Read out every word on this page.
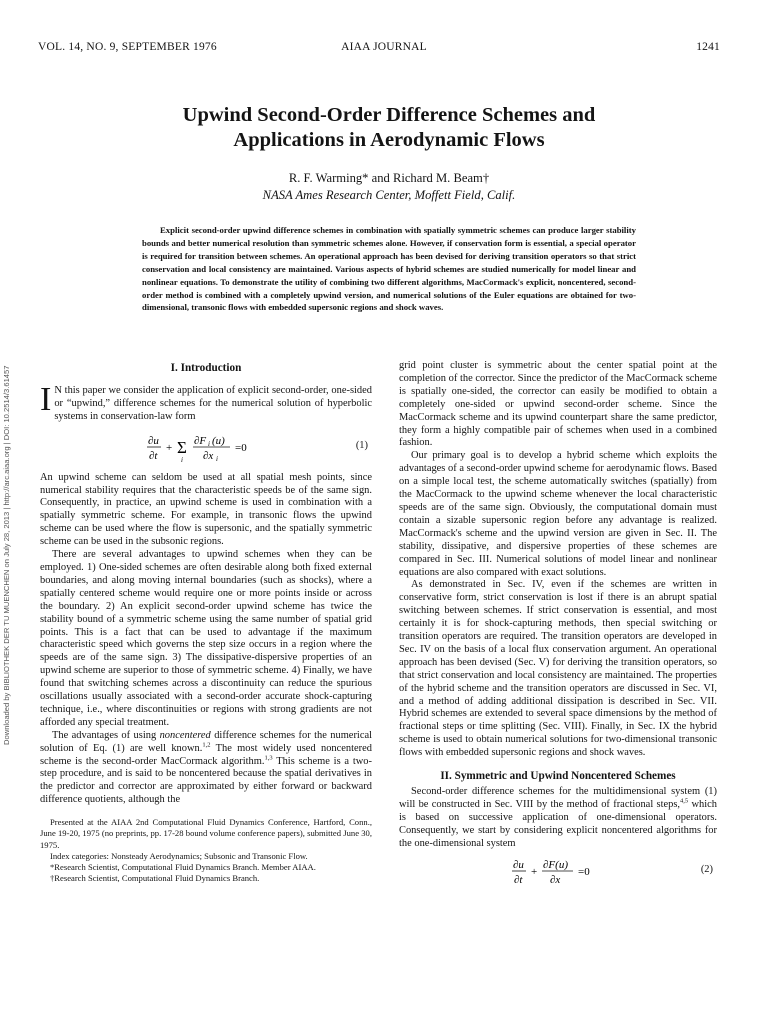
VOL. 14, NO. 9, SEPTEMBER 1976	AIAA JOURNAL	1241
Downloaded by BIBLIOTHEK DER TU MUENCHEN on July 28, 2013 | http://arc.aiaa.org | DOI: 10.2514/3.61457
Upwind Second-Order Difference Schemes and
Applications in Aerodynamic Flows
R. F. Warming* and Richard M. Beam†
NASA Ames Research Center, Moffett Field, Calif.
Explicit second-order upwind difference schemes in combination with spatially symmetric schemes can produce larger stability bounds and better numerical resolution than symmetric schemes alone. However, if conservation form is essential, a special operator is required for transition between schemes. An operational approach has been devised for deriving transition operators so that strict conservation and local consistency are maintained. Various aspects of hybrid schemes are studied numerically for model linear and nonlinear equations. To demonstrate the utility of combining two different algorithms, MacCormack's explicit, noncentered, second-order method is combined with a completely upwind version, and numerical solutions of the Euler equations are obtained for two-dimensional, transonic flows with embedded supersonic regions and shock waves.
I. Introduction

I N this paper we consider the application of explicit second-order, one-sided or “upwind,” difference schemes for the numerical solution of hyperbolic systems in conservation-law form

∂u
∂t
+ Σ
i
∂F i (u)
∂x i
=0	(1)

An upwind scheme can seldom be used at all spatial mesh points, since numerical stability requires that the characteristic speeds be of the same sign. Consequently, in practice, an upwind scheme is used in combination with a spatially symmetric scheme. For example, in transonic flows the upwind scheme can be used where the flow is supersonic, and the spatially symmetric scheme can be used in the subsonic regions.

There are several advantages to upwind schemes when they can be employed. 1) One-sided schemes are often desirable along both fixed external boundaries, and along moving internal boundaries (such as shocks), where a spatially centered scheme would require one or more points inside or across the boundary. 2) An explicit second-order upwind scheme has twice the stability bound of a symmetric scheme using the same number of spatial grid points. This is a fact that can be used to advantage if the maximum characteristic speed which governs the step size occurs in a region where the speeds are of the same sign. 3) The dissipative-dispersive properties of an upwind scheme are superior to those of symmetric scheme. 4) Finally, we have found that switching schemes across a discontinuity can reduce the spurious oscillations usually associated with a second-order accurate shock-capturing technique, i.e., where discontinuities or regions with strong gradients are not afforded any special treatment.

The advantages of using noncentered difference schemes for the numerical solution of Eq. (1) are well known.$^{1,2}$ The most widely used noncentered scheme is the second-order MacCormack algorithm.$^{1,3}$ This scheme is a two-step procedure, and is said to be noncentered because the spatial derivatives in the predictor and corrector are approximated by either forward or backward difference quotients, although the

Presented at the AIAA 2nd Computational Fluid Dynamics Conference, Hartford, Conn., June 19-20, 1975 (no preprints, pp. 17-28 bound volume conference papers), submitted June 30, 1975.

Index categories: Nonsteady Aerodynamics; Subsonic and Transonic Flow.

*Research Scientist, Computational Fluid Dynamics Branch. Member AIAA.

†Research Scientist, Computational Fluid Dynamics Branch.

grid point cluster is symmetric about the center spatial point at the completion of the corrector. Since the predictor of the MacCormack scheme is spatially one-sided, the corrector can easily be modified to obtain a completely one-sided or upwind second-order scheme. Since the MacCormack scheme and its upwind counterpart share the same predictor, they form a highly compatible pair of schemes when used in a combined fashion.

Our primary goal is to develop a hybrid scheme which exploits the advantages of a second-order upwind scheme for aerodynamic flows. Based on a simple local test, the scheme automatically switches (spatially) from the MacCormack to the upwind scheme whenever the local characteristic speeds are of the same sign. Obviously, the computational domain must contain a sizable supersonic region before any advantage is realized. MacCormack's scheme and the upwind version are given in Sec. II. The stability, dissipative, and dispersive properties of these schemes are compared in Sec. III. Numerical solutions of model linear and nonlinear equations are also compared with exact solutions.

As demonstrated in Sec. IV, even if the schemes are written in conservative form, strict conservation is lost if there is an abrupt spatial switching between schemes. If strict conservation is essential, and most certainly it is for shock-capturing methods, then special switching or transition operators are required. The transition operators are developed in Sec. IV on the basis of a local flux conservation argument. An operational approach has been devised (Sec. V) for deriving the transition operators, so that strict conservation and local consistency are maintained. The properties of the hybrid scheme and the transition operators are discussed in Sec. VI, and a method of adding additional dissipation is described in Sec. VII. Hybrid schemes are extended to several space dimensions by the method of fractional steps or time splitting (Sec. VIII). Finally, in Sec. IX the hybrid scheme is used to obtain numerical solutions for two-dimensional transonic flows with embedded supersonic regions and shock waves.

II. Symmetric and Upwind Noncentered Schemes

Second-order difference schemes for the multidimensional system (1) will be constructed in Sec. VIII by the method of fractional steps,$^{4,5}$ which is based on successive application of one-dimensional operators. Consequently, we start by considering explicit noncentered algorithms for the one-dimensional system

∂u
∂t
+
∂F(u)
∂x
=0	(2)
